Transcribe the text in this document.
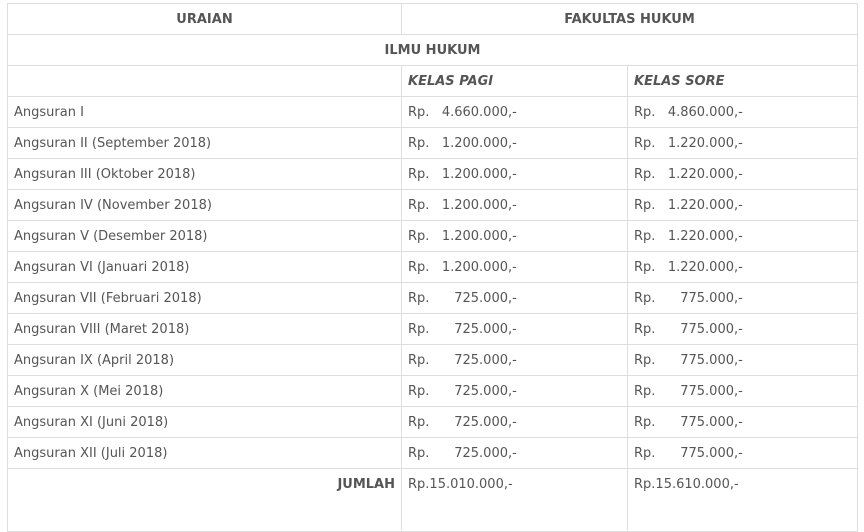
URAIAN	FAKULTAS HUKUM	
ILMU HUKUM		
	KELAS PAGI	KELAS SORE
Angsuran I	Rp. 4.660.000,-	Rp. 4.860.000,-
Angsuran II (September 2018)	Rp. 1.200.000,-	Rp. 1.220.000,-
Angsuran III (Oktober 2018)	Rp. 1.200.000,-	Rp. 1.220.000,-
Angsuran IV (November 2018)	Rp. 1.200.000,-	Rp. 1.220.000,-
Angsuran V (Desember 2018)	Rp. 1.200.000,-	Rp. 1.220.000,-
Angsuran VI (Januari 2018)	Rp. 1.200.000,-	Rp. 1.220.000,-
Angsuran VII (Februari 2018)	Rp. 725.000,-	Rp. 775.000,-
Angsuran VIII (Maret 2018)	Rp. 725.000,-	Rp. 775.000,-
Angsuran IX (April 2018)	Rp. 725.000,-	Rp. 775.000,-
Angsuran X (Mei 2018)	Rp. 725.000,-	Rp. 775.000,-
Angsuran XI (Juni 2018)	Rp. 725.000,-	Rp. 775.000,-
Angsuran XII (Juli 2018)	Rp. 725.000,-	Rp. 775.000,-
JUMLAH	Rp.15.010.000,-	Rp.15.610.000,-
